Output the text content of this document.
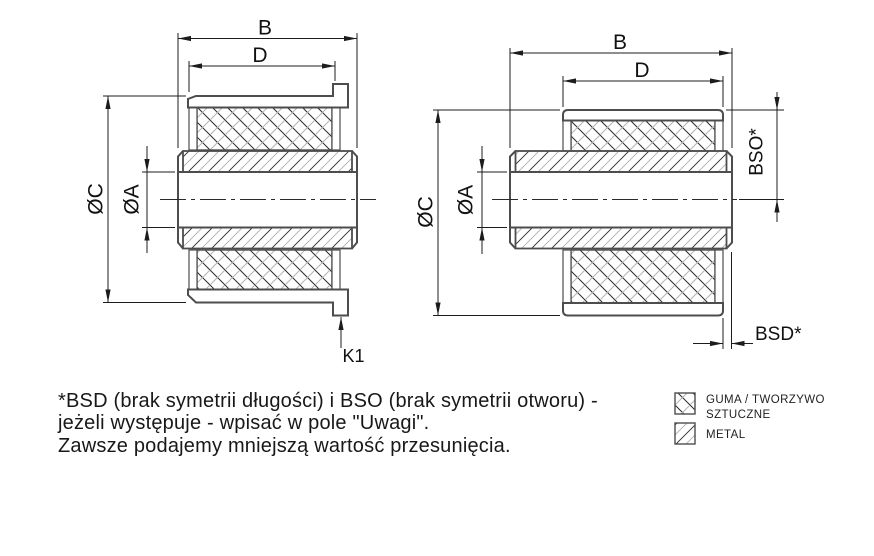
B
D
ØC ØA
K1
B
D
ØC ØA
BSO*
BSD*
GUMA / TWORZYWO
SZTUCZNE
METAL
*BSD (brak symetrii długości) i BSO (brak symetrii otworu) -
jeżeli występuje - wpisać w pole "Uwagi".
Zawsze podajemy mniejszą wartość przesunięcia.
